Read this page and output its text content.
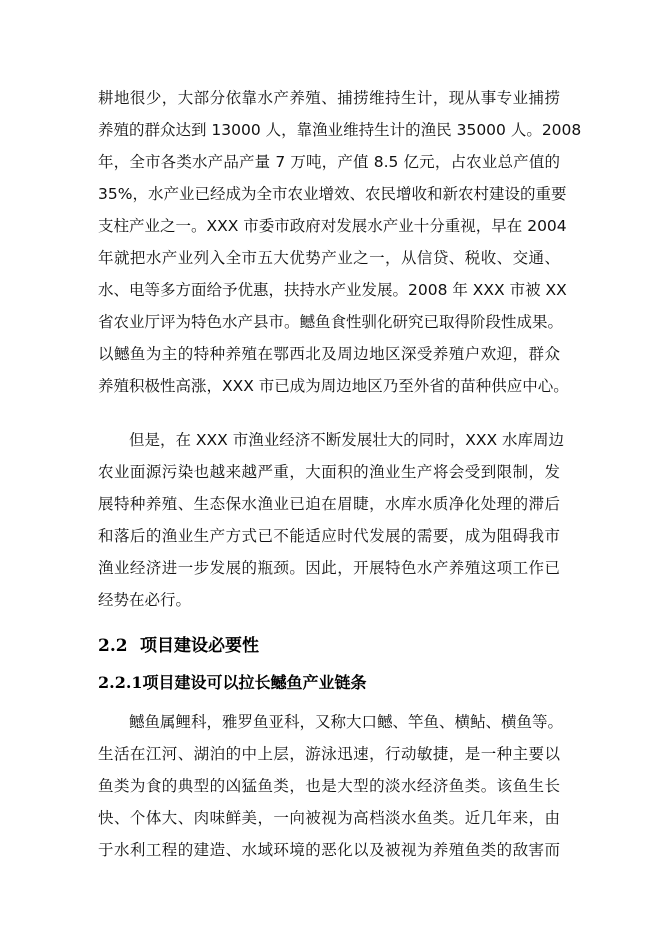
耕地很少，大部分依靠水产养殖、捕捞维持生计，现从事专业捕捞
养殖的群众达到 13000 人，靠渔业维持生计的渔民 35000 人。2008
年，全市各类水产品产量 7 万吨，产值 8.5 亿元，占农业总产值的
35%，水产业已经成为全市农业增效、农民增收和新农村建设的重要
支柱产业之一。XXX 市委市政府对发展水产业十分重视，早在 2004
年就把水产业列入全市五大优势产业之一，从信贷、税收、交通、
水、电等多方面给予优惠，扶持水产业发展。2008 年 XXX 市被 XX
省农业厅评为特色水产县市。鳡鱼食性驯化研究已取得阶段性成果。
以鳡鱼为主的特种养殖在鄂西北及周边地区深受养殖户欢迎，群众
养殖积极性高涨，XXX 市已成为周边地区乃至外省的苗种供应中心。
但是，在 XXX 市渔业经济不断发展壮大的同时，XXX 水库周边
农业面源污染也越来越严重，大面积的渔业生产将会受到限制，发
展特种养殖、生态保水渔业已迫在眉睫，水库水质净化处理的滞后
和落后的渔业生产方式已不能适应时代发展的需要，成为阻碍我市
渔业经济进一步发展的瓶颈。因此，开展特色水产养殖这项工作已
经势在必行。
2.2 项目建设必要性
2.2.1项目建设可以拉长鳡鱼产业链条
鳡鱼属鲤科，雅罗鱼亚科，又称大口鳡、竿鱼、横鲇、横鱼等。
生活在江河、湖泊的中上层，游泳迅速，行动敏捷，是一种主要以
鱼类为食的典型的凶猛鱼类，也是大型的淡水经济鱼类。该鱼生长
快、个体大、肉味鲜美，一向被视为高档淡水鱼类。近几年来，由
于水利工程的建造、水域环境的恶化以及被视为养殖鱼类的敌害而
